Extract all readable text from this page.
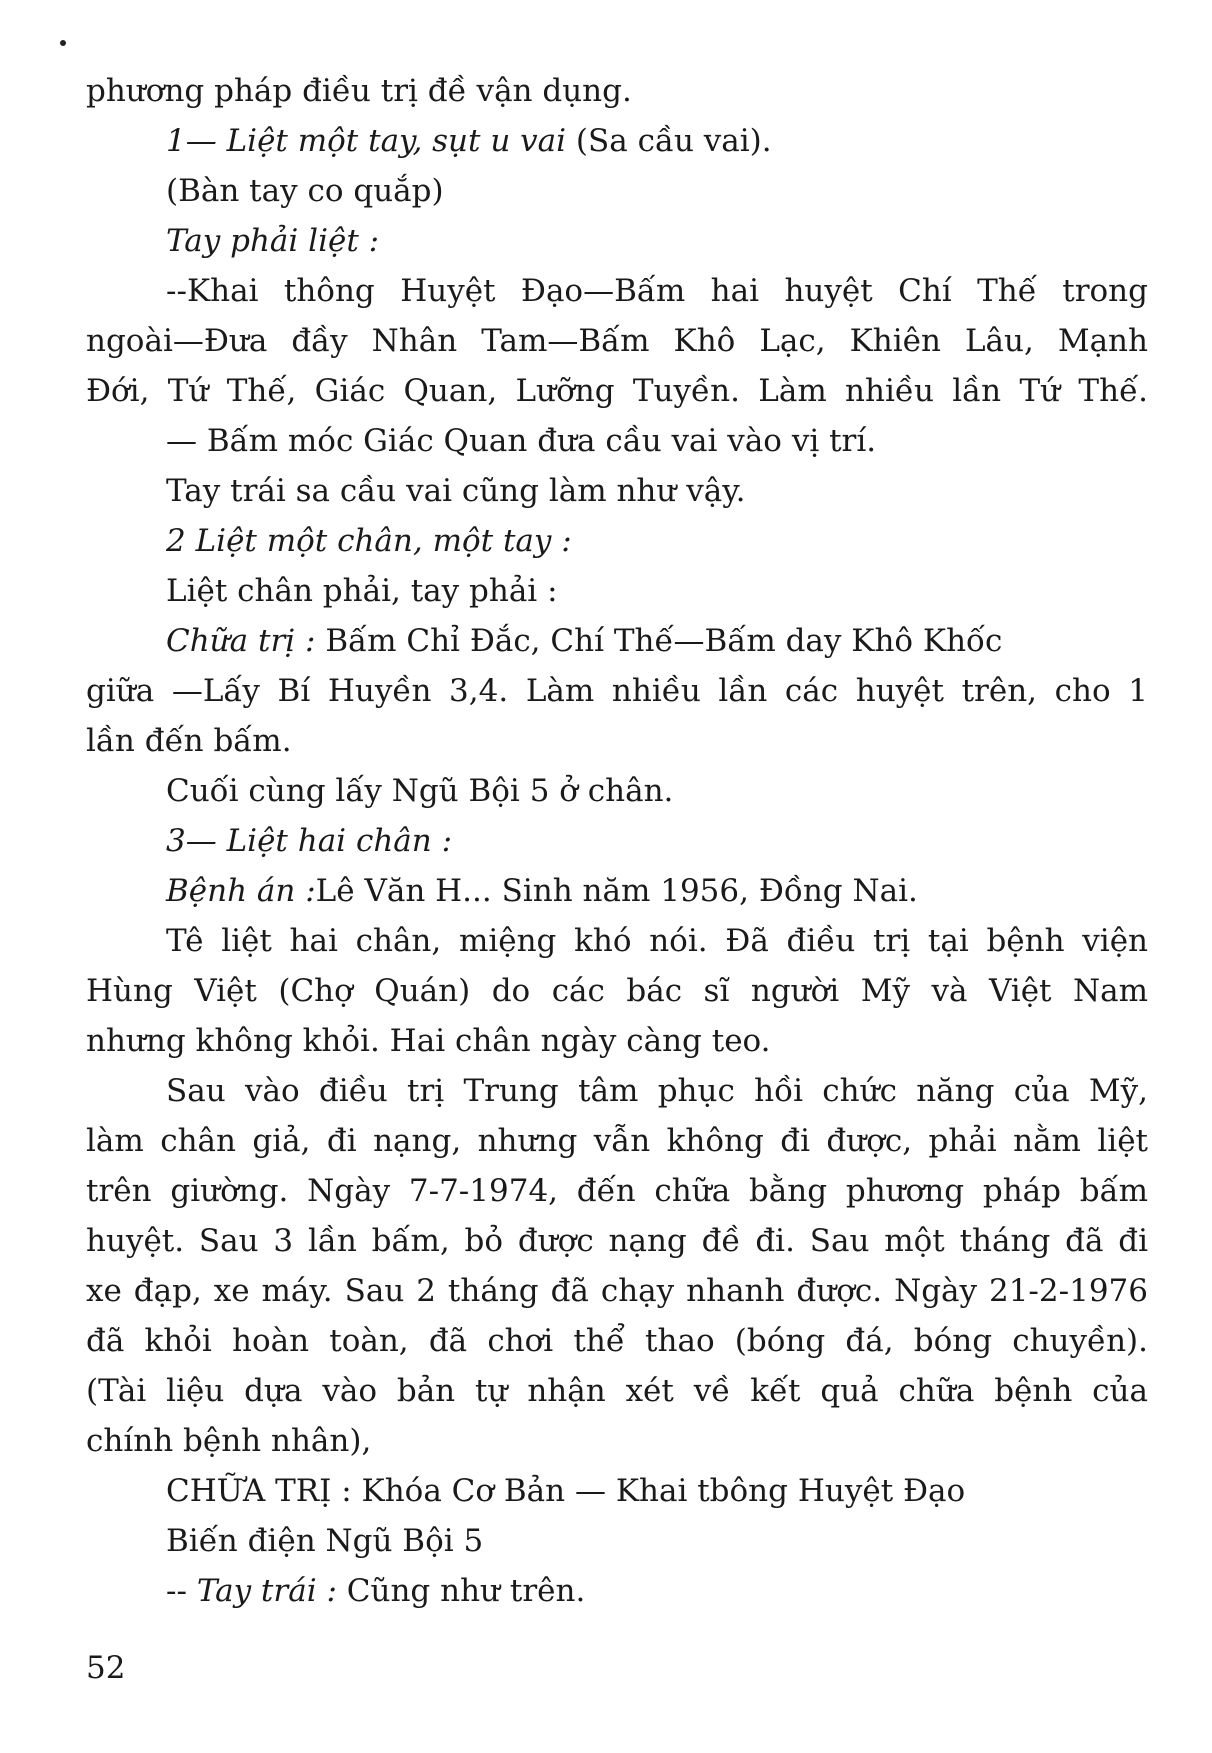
phương pháp điều trị đề vận dụng.

1— Liệt một tay, sụt u vai (Sa cầu vai).

(Bàn tay co quắp)

Tay phải liệt :

--Khai thông Huyệt Đạo—Bấm hai huyệt Chí Thế trong

ngoài—Đưa đầy Nhân Tam—Bấm Khô Lạc, Khiên Lâu, Mạnh

Đới, Tứ Thế, Giác Quan, Lưỡng Tuyền. Làm nhiều lần Tứ Thế.

— Bấm móc Giác Quan đưa cầu vai vào vị trí.

Tay trái sa cầu vai cũng làm như vậy.

2 Liệt một chân, một tay :

Liệt chân phải, tay phải :

Chữa trị : Bấm Chỉ Đắc, Chí Thế—Bấm day Khô Khốc

giữa —Lấy Bí Huyền 3,4. Làm nhiều lần các huyệt trên, cho 1

lần đến bấm.

Cuối cùng lấy Ngũ Bội 5 ở chân.

3— Liệt hai chân :

Bệnh án :Lê Văn H... Sinh năm 1956, Đồng Nai.

Tê liệt hai chân, miệng khó nói. Đã điều trị tại bệnh viện

Hùng Việt (Chợ Quán) do các bác sĩ người Mỹ và Việt Nam

nhưng không khỏi. Hai chân ngày càng teo.

Sau vào điều trị Trung tâm phục hồi chức năng của Mỹ,

làm chân giả, đi nạng, nhưng vẫn không đi được, phải nằm liệt

trên giường. Ngày 7-7-1974, đến chữa bằng phương pháp bấm

huyệt. Sau 3 lần bấm, bỏ được nạng đề đi. Sau một tháng đã đi

xe đạp, xe máy. Sau 2 tháng đã chạy nhanh được. Ngày 21-2-1976

đã khỏi hoàn toàn, đã chơi thể thao (bóng đá, bóng chuyền).

(Tài liệu dựa vào bản tự nhận xét về kết quả chữa bệnh của

chính bệnh nhân),

CHỮA TRỊ : Khóa Cơ Bản — Khai tbông Huyệt Đạo

Biến điện Ngũ Bội 5

-- Tay trái : Cũng như trên.

52
